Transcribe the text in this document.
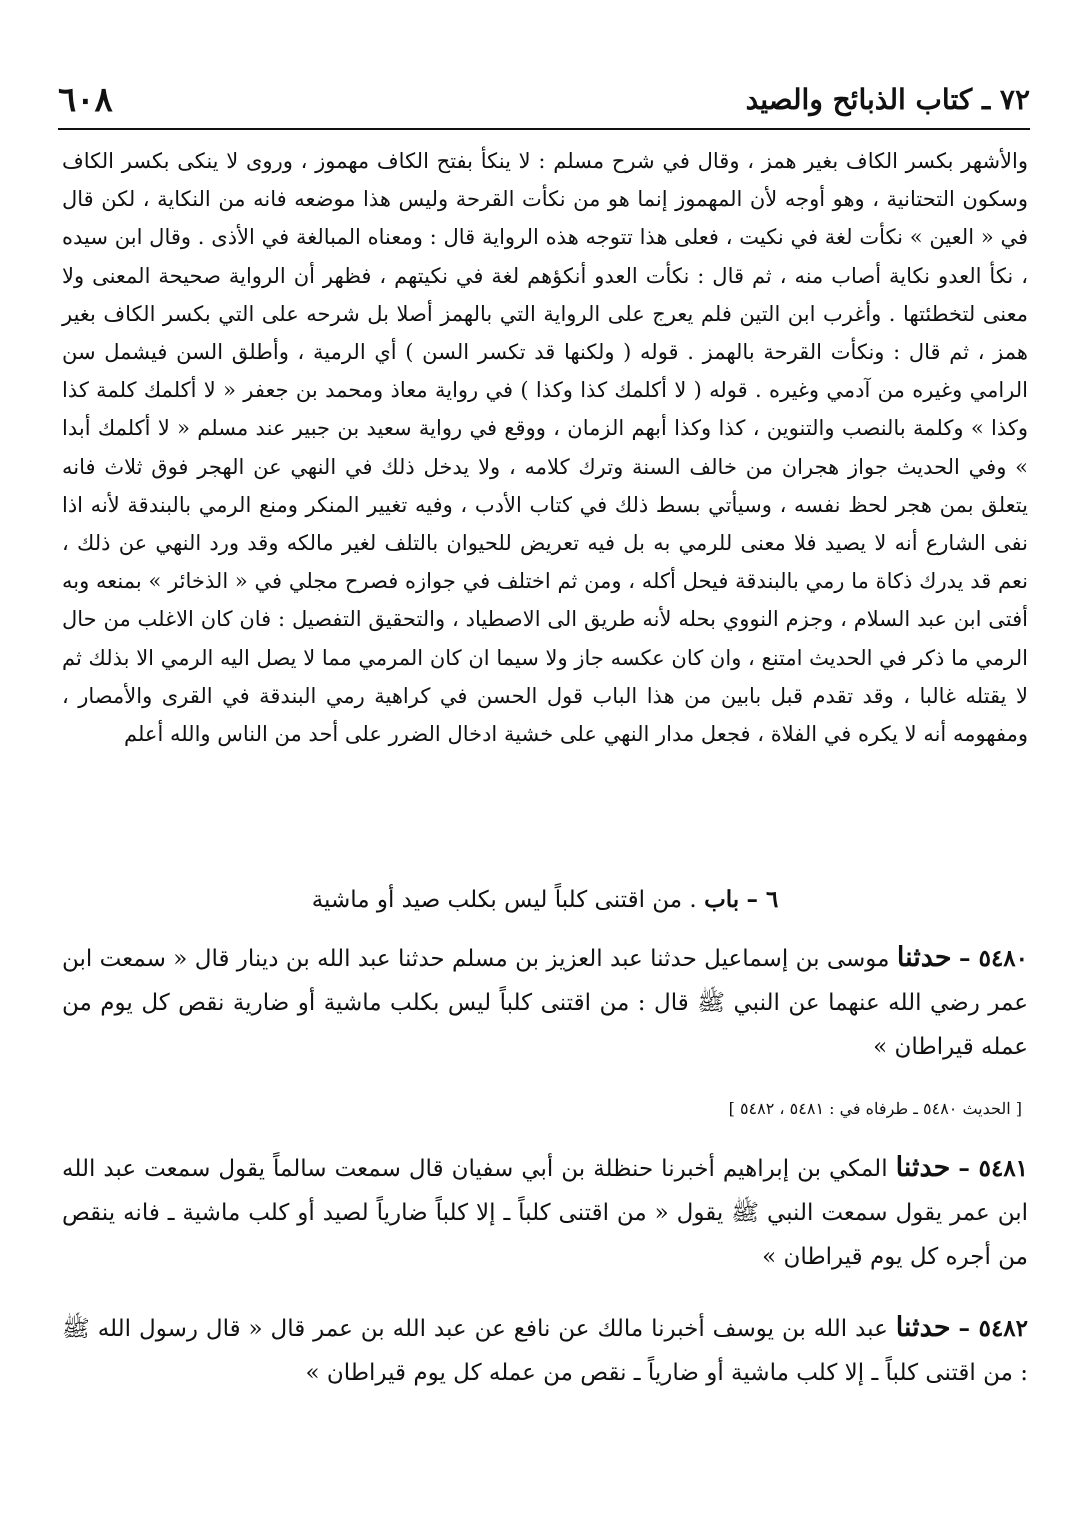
٦٠٨	٧٢ ـ كتاب الذبائح والصيد

والأشهر بكسر الكاف بغير همز ، وقال في شرح مسلم : لا ينكأ بفتح الكاف مهموز ، وروى لا ينكى بكسر الكاف وسكون التحتانية ، وهو أوجه لأن المهموز إنما هو من نكأت القرحة وليس هذا موضعه فانه من النكاية ، لكن قال في « العين » نكأت لغة في نكيت ، فعلى هذا تتوجه هذه الرواية قال : ومعناه المبالغة في الأذى . وقال ابن سيده ، نكأ العدو نكاية أصاب منه ، ثم قال : نكأت العدو أنكؤهم لغة في نكيتهم ، فظهر أن الرواية صحيحة المعنى ولا معنى لتخطئتها . وأغرب ابن التين فلم يعرج على الرواية التي بالهمز أصلا بل شرحه على التي بكسر الكاف بغير همز ، ثم قال : ونكأت القرحة بالهمز . قوله ( ولكنها قد تكسر السن ) أي الرمية ، وأطلق السن فيشمل سن الرامي وغيره من آدمي وغيره . قوله ( لا أكلمك كذا وكذا ) في رواية معاذ ومحمد بن جعفر « لا أكلمك كلمة كذا وكذا » وكلمة بالنصب والتنوين ، كذا وكذا أبهم الزمان ، ووقع في رواية سعيد بن جبير عند مسلم « لا أكلمك أبدا » وفي الحديث جواز هجران من خالف السنة وترك كلامه ، ولا يدخل ذلك في النهي عن الهجر فوق ثلاث فانه يتعلق بمن هجر لحظ نفسه ، وسيأتي بسط ذلك في كتاب الأدب ، وفيه تغيير المنكر ومنع الرمي بالبندقة لأنه اذا نفى الشارع أنه لا يصيد فلا معنى للرمي به بل فيه تعريض للحيوان بالتلف لغير مالكه وقد ورد النهي عن ذلك ، نعم قد يدرك ذكاة ما رمي بالبندقة فيحل أكله ، ومن ثم اختلف في جوازه فصرح مجلي في « الذخائر » بمنعه وبه أفتى ابن عبد السلام ، وجزم النووي بحله لأنه طريق الى الاصطياد ، والتحقيق التفصيل : فان كان الاغلب من حال الرمي ما ذكر في الحديث امتنع ، وان كان عكسه جاز ولا سيما ان كان المرمي مما لا يصل اليه الرمي الا بذلك ثم لا يقتله غالبا ، وقد تقدم قبل بابين من هذا الباب قول الحسن في كراهية رمي البندقة في القرى والأمصار ، ومفهومه أنه لا يكره في الفلاة ، فجعل مدار النهي على خشية ادخال الضرر على أحد من الناس والله أعلم

٦ – باب . من اقتنى كلباً ليس بكلب صيد أو ماشية

٥٤٨٠ – حدثنا موسى بن إسماعيل حدثنا عبد العزيز بن مسلم حدثنا عبد الله بن دينار قال « سمعت ابن عمر رضي الله عنهما عن النبي ﷺ قال : من اقتنى كلباً ليس بكلب ماشية أو ضارية نقص كل يوم من عمله قيراطان »

[ الحديث ٥٤٨٠ ـ طرفاه في : ٥٤٨١ ، ٥٤٨٢ ]

٥٤٨١ – حدثنا المكي بن إبراهيم أخبرنا حنظلة بن أبي سفيان قال سمعت سالماً يقول سمعت عبد الله ابن عمر يقول سمعت النبي ﷺ يقول « من اقتنى كلباً ـ إلا كلباً ضارياً لصيد أو كلب ماشية ـ فانه ينقص من أجره كل يوم قيراطان »

٥٤٨٢ – حدثنا عبد الله بن يوسف أخبرنا مالك عن نافع عن عبد الله بن عمر قال « قال رسول الله ﷺ : من اقتنى كلباً ـ إلا كلب ماشية أو ضارياً ـ نقص من عمله كل يوم قيراطان »
